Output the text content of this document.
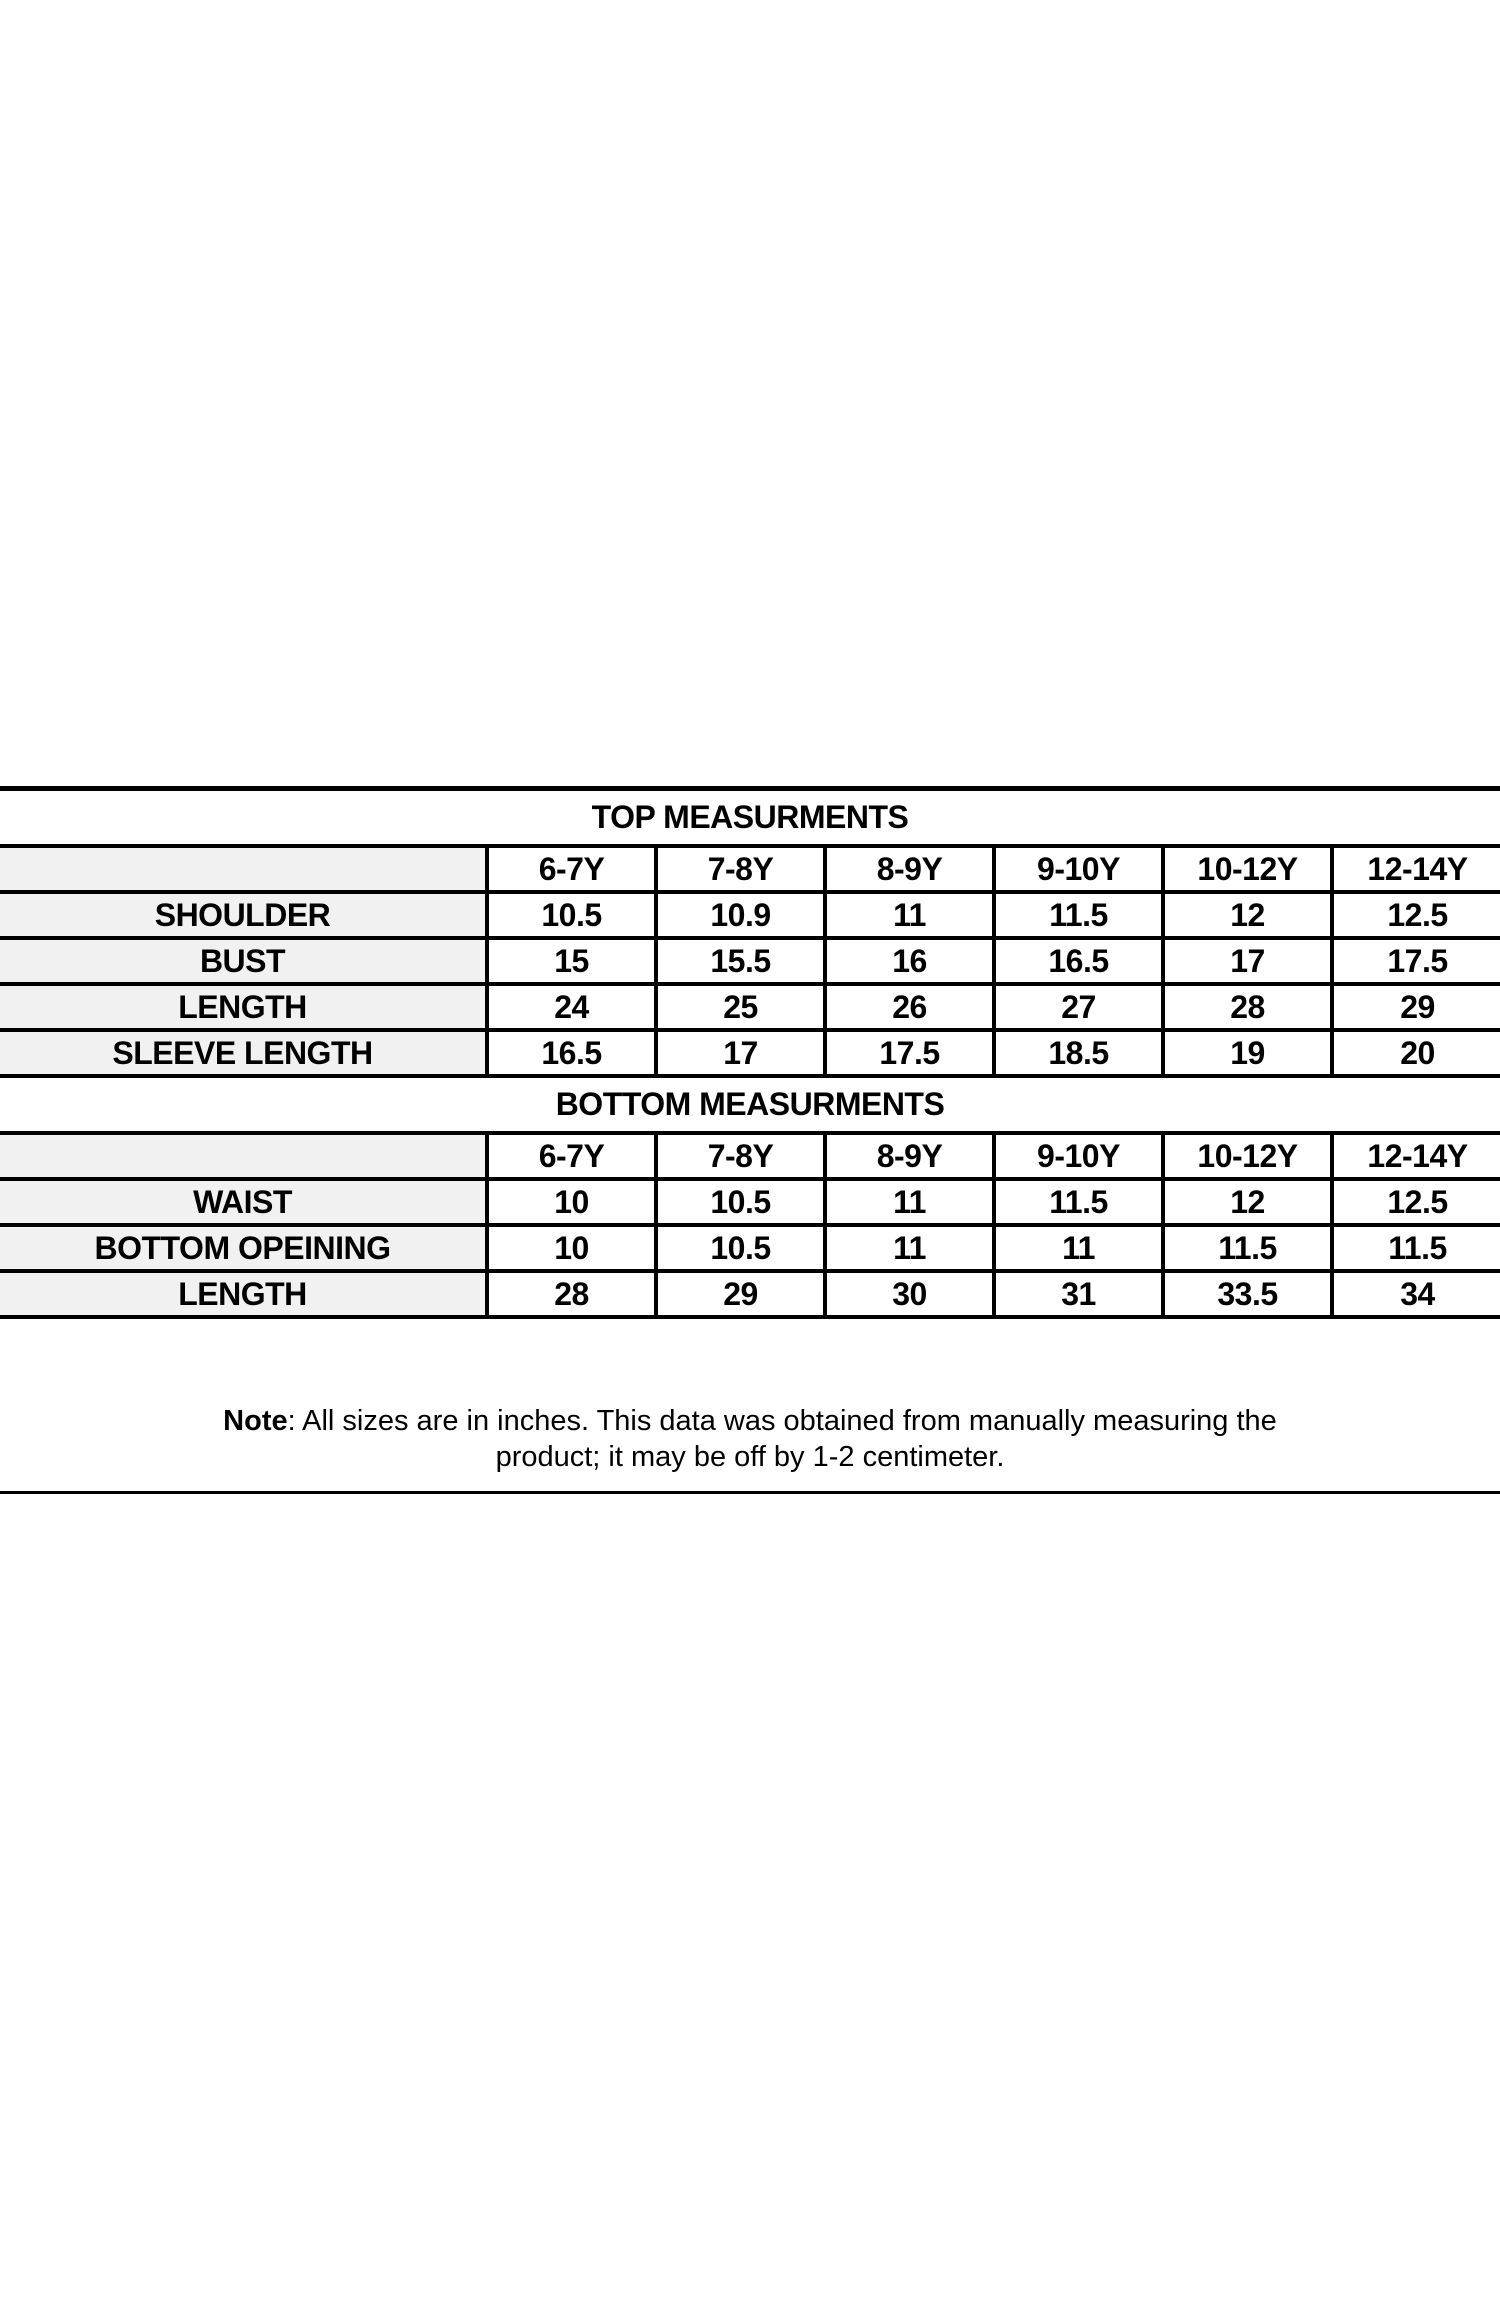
TOP MEASURMENTS
	6-7Y	7-8Y	8-9Y	9-10Y	10-12Y	12-14Y
SHOULDER	10.5	10.9	11	11.5	12	12.5
BUST	15	15.5	16	16.5	17	17.5
LENGTH	24	25	26	27	28	29
SLEEVE LENGTH	16.5	17	17.5	18.5	19	20
BOTTOM MEASURMENTS
	6-7Y	7-8Y	8-9Y	9-10Y	10-12Y	12-14Y
WAIST	10	10.5	11	11.5	12	12.5
BOTTOM OPEINING	10	10.5	11	11	11.5	11.5
LENGTH	28	29	30	31	33.5	34
Note: All sizes are in inches. This data was obtained from manually measuring the
product; it may be off by 1-2 centimeter.
